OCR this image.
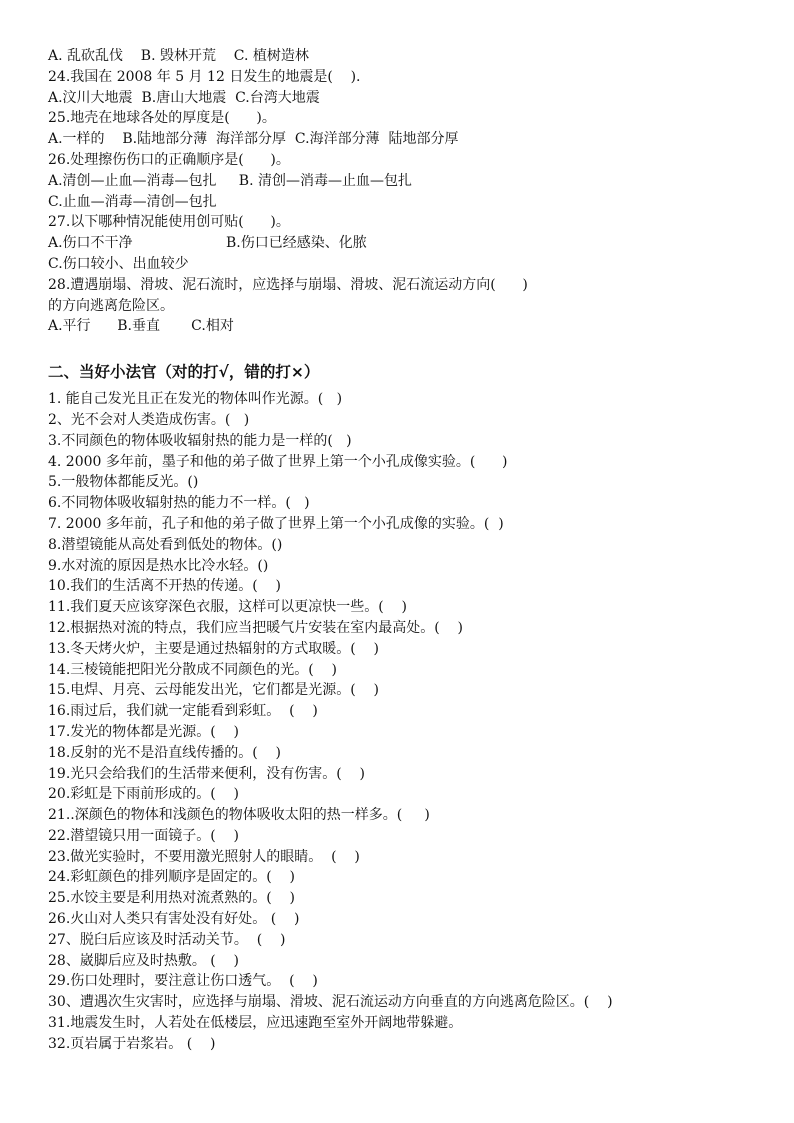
A. 乱砍乱伐    B. 毁林开荒    C. 植树造林
24.我国在 2008 年 5 月 12 日发生的地震是(    ).
A.汶川大地震  B.唐山大地震  C.台湾大地震
25.地壳在地球各处的厚度是(      )。
A.一样的    B.陆地部分薄  海洋部分厚  C.海洋部分薄  陆地部分厚
26.处理擦伤伤口的正确顺序是(      )。
A.清创—止血—消毒—包扎     B. 清创—消毒—止血—包扎
C.止血—消毒—清创—包扎
27.以下哪种情况能使用创可贴(      )。
A.伤口不干净                     B.伤口已经感染、化脓
C.伤口较小、出血较少
28.遭遇崩塌、滑坡、泥石流时，应选择与崩塌、滑坡、泥石流运动方向(      )
的方向逃离危险区。
A.平行      B.垂直       C.相对
二、当好小法官（对的打√，错的打×）
1. 能自己发光且正在发光的物体叫作光源。(   )
2、光不会对人类造成伤害。(   )
3.不同颜色的物体吸收辐射热的能力是一样的(   )
4. 2000 多年前，墨子和他的弟子做了世界上第一个小孔成像实验。(      )
5.一般物体都能反光。()
6.不同物体吸收辐射热的能力不一样。(   )
7. 2000 多年前，孔子和他的弟子做了世界上第一个小孔成像的实验。(  )
8.潜望镜能从高处看到低处的物体。()
9.水对流的原因是热水比冷水轻。()
10.我们的生活离不开热的传递。(    )
11.我们夏天应该穿深色衣服，这样可以更凉快一些。(    )
12.根据热对流的特点，我们应当把暖气片安装在室内最高处。(    )
13.冬天烤火炉，主要是通过热辐射的方式取暖。(    )
14.三棱镜能把阳光分散成不同颜色的光。(    )
15.电焊、月亮、云母能发出光，它们都是光源。(    )
16.雨过后，我们就一定能看到彩虹。  (    )
17.发光的物体都是光源。(    )
18.反射的光不是沿直线传播的。(    )
19.光只会给我们的生活带来便利，没有伤害。(    )
20.彩虹是下雨前形成的。(    )
21..深颜色的物体和浅颜色的物体吸收太阳的热一样多。(     )
22.潜望镜只用一面镜子。(    )
23.做光实验时，不要用激光照射人的眼睛。  (    )
24.彩虹颜色的排列顺序是固定的。(    )
25.水饺主要是利用热对流煮熟的。(    )
26.火山对人类只有害处没有好处。 (    )
27、脱臼后应该及时活动关节。  (    )
28、崴脚后应及时热敷。 (    )
29.伤口处理时，要注意让伤口透气。  (    )
30、遭遇次生灾害时，应选择与崩塌、滑坡、泥石流运动方向垂直的方向逃离危险区。(    )
31.地震发生时，人若处在低楼层，应迅速跑至室外开阔地带躲避。
32.页岩属于岩浆岩。 (    )
